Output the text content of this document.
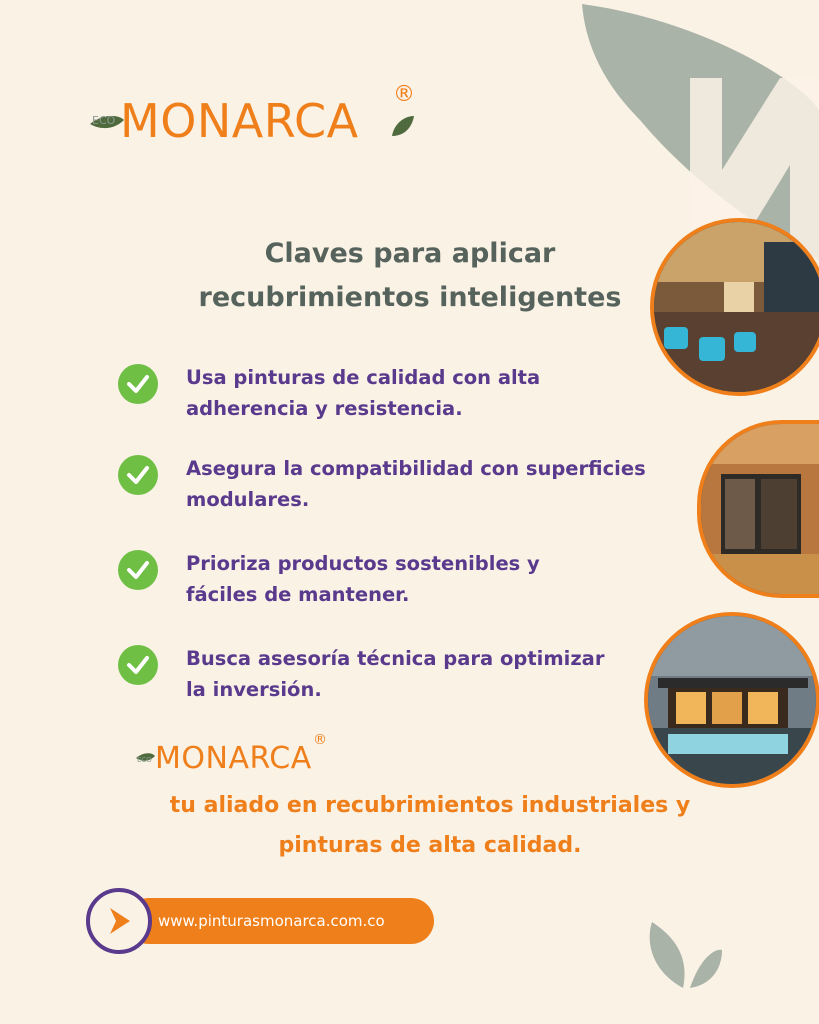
ECO MONARCA ®
Claves para aplicar
recubrimientos inteligentes
Usa pinturas de calidad con alta
adherencia y resistencia.
Asegura la compatibilidad con superficies
modulares.
Prioriza productos sostenibles y
fáciles de mantener.
Busca asesoría técnica para optimizar
la inversión.
ECO MONARCA
®
tu aliado en recubrimientos industriales y
pinturas de alta calidad.
www.pinturasmonarca.com.co
